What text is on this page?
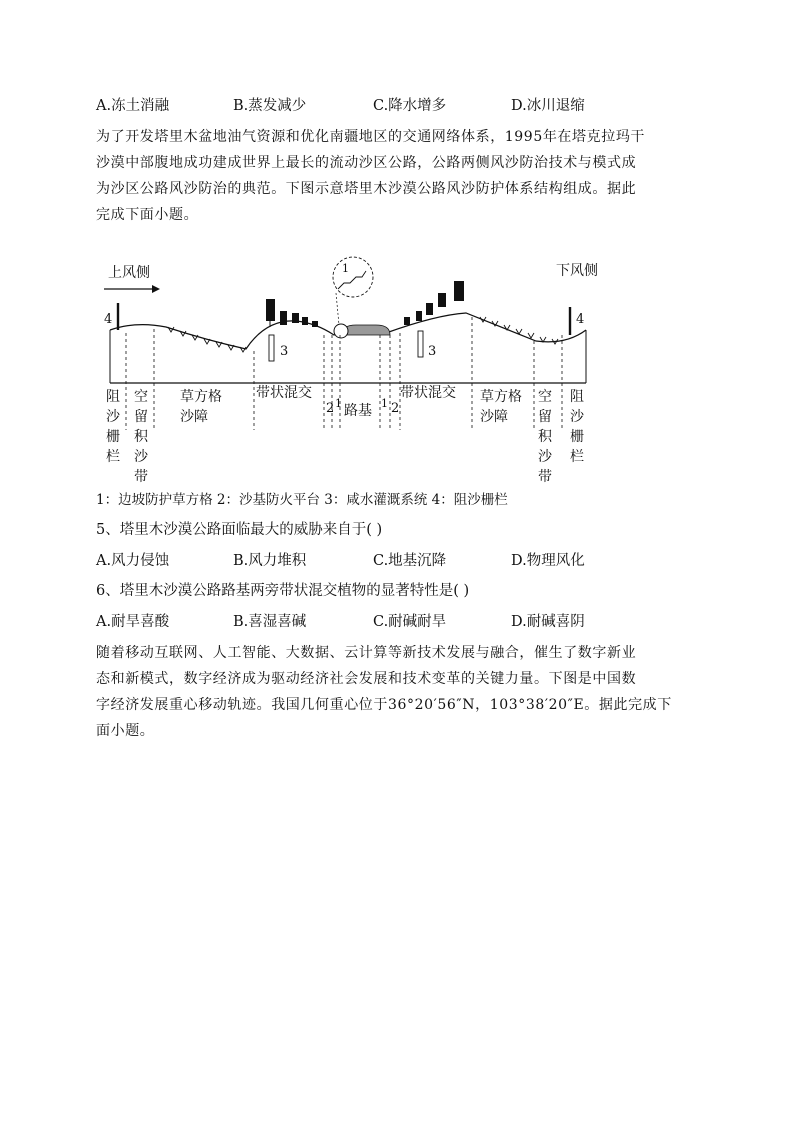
A.冻土消融	B.蒸发减少	C.降水增多	D.冰川退缩
为了开发塔里木盆地油气资源和优化南疆地区的交通网络体系，1995年在塔克拉玛干
沙漠中部腹地成功建成世界上最长的流动沙区公路，公路两侧风沙防治技术与模式成
为沙区公路风沙防治的典范。下图示意塔里木沙漠公路风沙防护体系结构组成。据此
完成下面小题。
上风侧	下风侧
4	4
3	3
1
阻沙栅栏
空留积沙带
草方格沙障
带状混交
2 1 路基 1 2
带状混交 草方格沙障
空留积沙带
阻沙栅栏
1：边坡防护草方格 2：沙基防火平台 3：咸水灌溉系统 4：阻沙栅栏
5、塔里木沙漠公路面临最大的威胁来自于( )
A.风力侵蚀	B.风力堆积	C.地基沉降	D.物理风化
6、塔里木沙漠公路路基两旁带状混交植物的显著特性是( )
A.耐旱喜酸	B.喜湿喜碱	C.耐碱耐旱	D.耐碱喜阴
随着移动互联网、人工智能、大数据、云计算等新技术发展与融合，催生了数字新业
态和新模式，数字经济成为驱动经济社会发展和技术变革的关键力量。下图是中国数
字经济发展重心移动轨迹。我国几何重心位于36°20′56″N，103°38′20″E。据此完成下
面小题。
